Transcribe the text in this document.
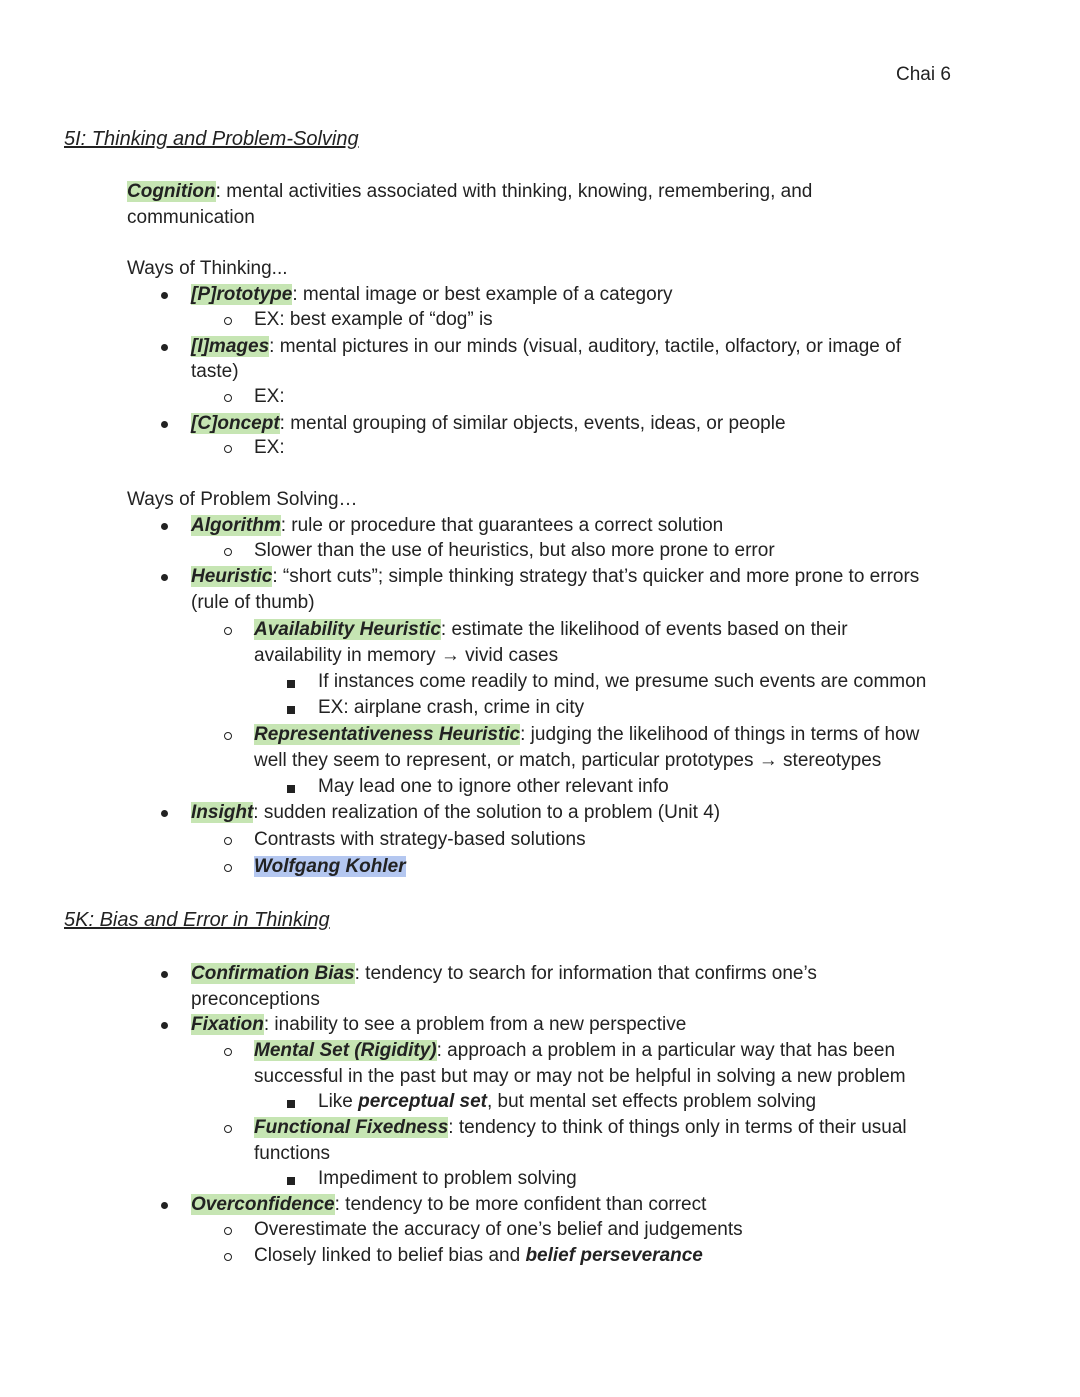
Chai 6
5I: Thinking and Problem-Solving
Cognition: mental activities associated with thinking, knowing, remembering, and
communication
Ways of Thinking...
[P]rototype: mental image or best example of a category
EX: best example of “dog” is
[I]mages: mental pictures in our minds (visual, auditory, tactile, olfactory, or image of
taste)
EX:
[C]oncept: mental grouping of similar objects, events, ideas, or people
EX:
Ways of Problem Solving…
Algorithm: rule or procedure that guarantees a correct solution
Slower than the use of heuristics, but also more prone to error
Heuristic: “short cuts”; simple thinking strategy that’s quicker and more prone to errors
(rule of thumb)
Availability Heuristic: estimate the likelihood of events based on their
availability in memory → vivid cases
If instances come readily to mind, we presume such events are common
EX: airplane crash, crime in city
Representativeness Heuristic: judging the likelihood of things in terms of how
well they seem to represent, or match, particular prototypes → stereotypes
May lead one to ignore other relevant info
Insight: sudden realization of the solution to a problem (Unit 4)
Contrasts with strategy-based solutions
Wolfgang Kohler
5K: Bias and Error in Thinking
Confirmation Bias: tendency to search for information that confirms one’s
preconceptions
Fixation: inability to see a problem from a new perspective
Mental Set (Rigidity): approach a problem in a particular way that has been
successful in the past but may or may not be helpful in solving a new problem
Like perceptual set, but mental set effects problem solving
Functional Fixedness: tendency to think of things only in terms of their usual
functions
Impediment to problem solving
Overconfidence: tendency to be more confident than correct
Overestimate the accuracy of one’s belief and judgements
Closely linked to belief bias and belief perseverance
